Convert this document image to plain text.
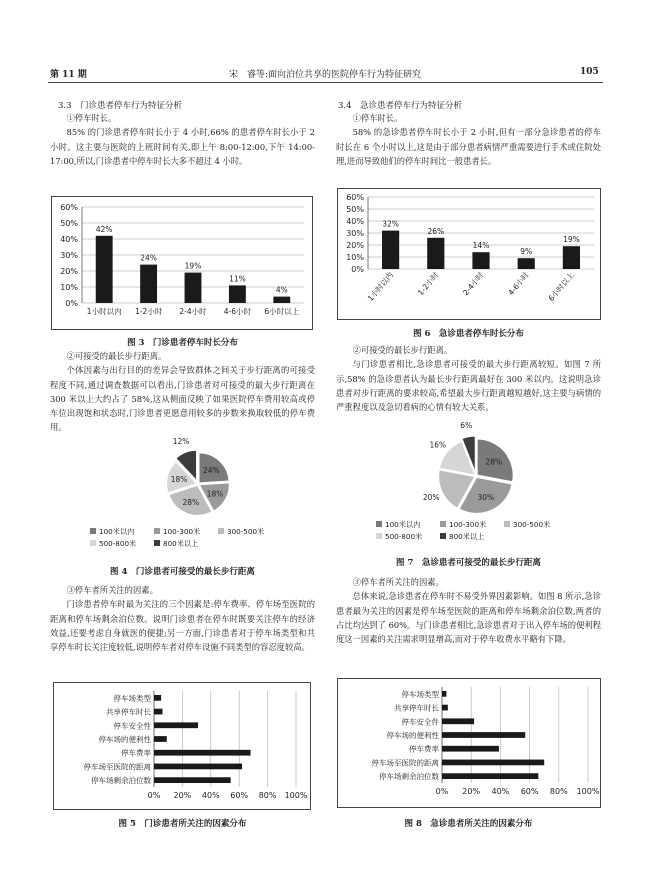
第 11 期	宋　睿等:面向泊位共享的医院停车行为特征研究	105
3.3　门诊患者停车行为特征分析

①停车时长。

85% 的门诊患者停车时长小于 4 小时,66% 的患者停车时长小于 2 小时。这主要与医院的上班时间有关,即上午 8:00-12:00,下午 14:00-17:00,所以,门诊患者中停车时长大多不超过 4 小时。

0%
10%
20%
30%
40%
50%
60%
42%
1小时以内
24%
1-2小时
19%
2-4小时
11%
4-6小时
4%
6小时以上
图 3　门诊患者停车时长分布

②可接受的最长步行距离。

个体因素与出行目的的差异会导致群体之间关于步行距离的可接受程度不同,通过调查数据可以看出,门诊患者对可接受的最大步行距离在 300 米以上大约占了 58%,这从侧面反映了如果医院停车费用较高或停车位出现饱和状态时,门诊患者更愿意用较多的步数来换取较低的停车费用。

24%
18%
28%
18%
12%
100米以内	100-300米	300-500米
500-800米	800米以上
图 4　门诊患者可接受的最长步行距离

③停车者所关注的因素。

门诊患者停车时最为关注的三个因素是:停车费率、停车场至医院的距离和停车场剩余泊位数。说明门诊患者在停车时既要关注停车的经济效益,还要考虑自身就医的便捷;另一方面,门诊患者对于停车场类型和共享停车时长关注度较低,说明停车者对停车设施不同类型的容忍度较高。

0% 20% 40% 60% 80% 100%
停车场类型
共享停车时长
停车安全性
停车场的便利性
停车费率
停车场至医院的距离
停车场剩余泊位数
图 5　门诊患者所关注的因素分布
3.4　急诊患者停车行为特征分析

①停车时长。

58% 的急诊患者停车时长小于 2 小时,但有一部分急诊患者的停车时长在 6 个小时以上,这是由于部分患者病情严重需要进行手术或住院处理,进而导致他们的停车时间比一般患者长。

0%
10%
20%
30%
40%
50%
60%
32%
1小时以内
26%
1-2小时
14%
2-4小时
9%
4-6小时
19%
6小时以上
图 6　急诊患者停车时长分布

②可接受的最长步行距离。

与门诊患者相比,急诊患者可接受的最大步行距离较短。如图 7 所示,58% 的急诊患者认为最长步行距离最好在 300 米以内。这说明急诊患者对步行距离的要求较高,希望最大步行距离越短越好,这主要与病情的严重程度以及急切看病的心情有较大关系。

28%
30%
20%
16%
6%
100米以内	100-300米	300-500米
500-800米	800米以上
图 7　急诊患者可接受的最长步行距离

③停车者所关注的因素。

总体来说,急诊患者在停车时不易受外界因素影响。如图 8 所示,急诊患者最为关注的因素是停车场至医院的距离和停车场剩余泊位数,两者的占比均达到了 60%。与门诊患者相比,急诊患者对于出入停车场的便利程度这一因素的关注需求明显增高,而对于停车收费水平略有下降。

0% 20% 40% 60% 80% 100%
停车场类型
共享停车时长
停车安全件
停车场的便利性
停车费率
停车场至医院的距离
停车场剩余泊位数
图 8　急诊患者所关注的因素分布
